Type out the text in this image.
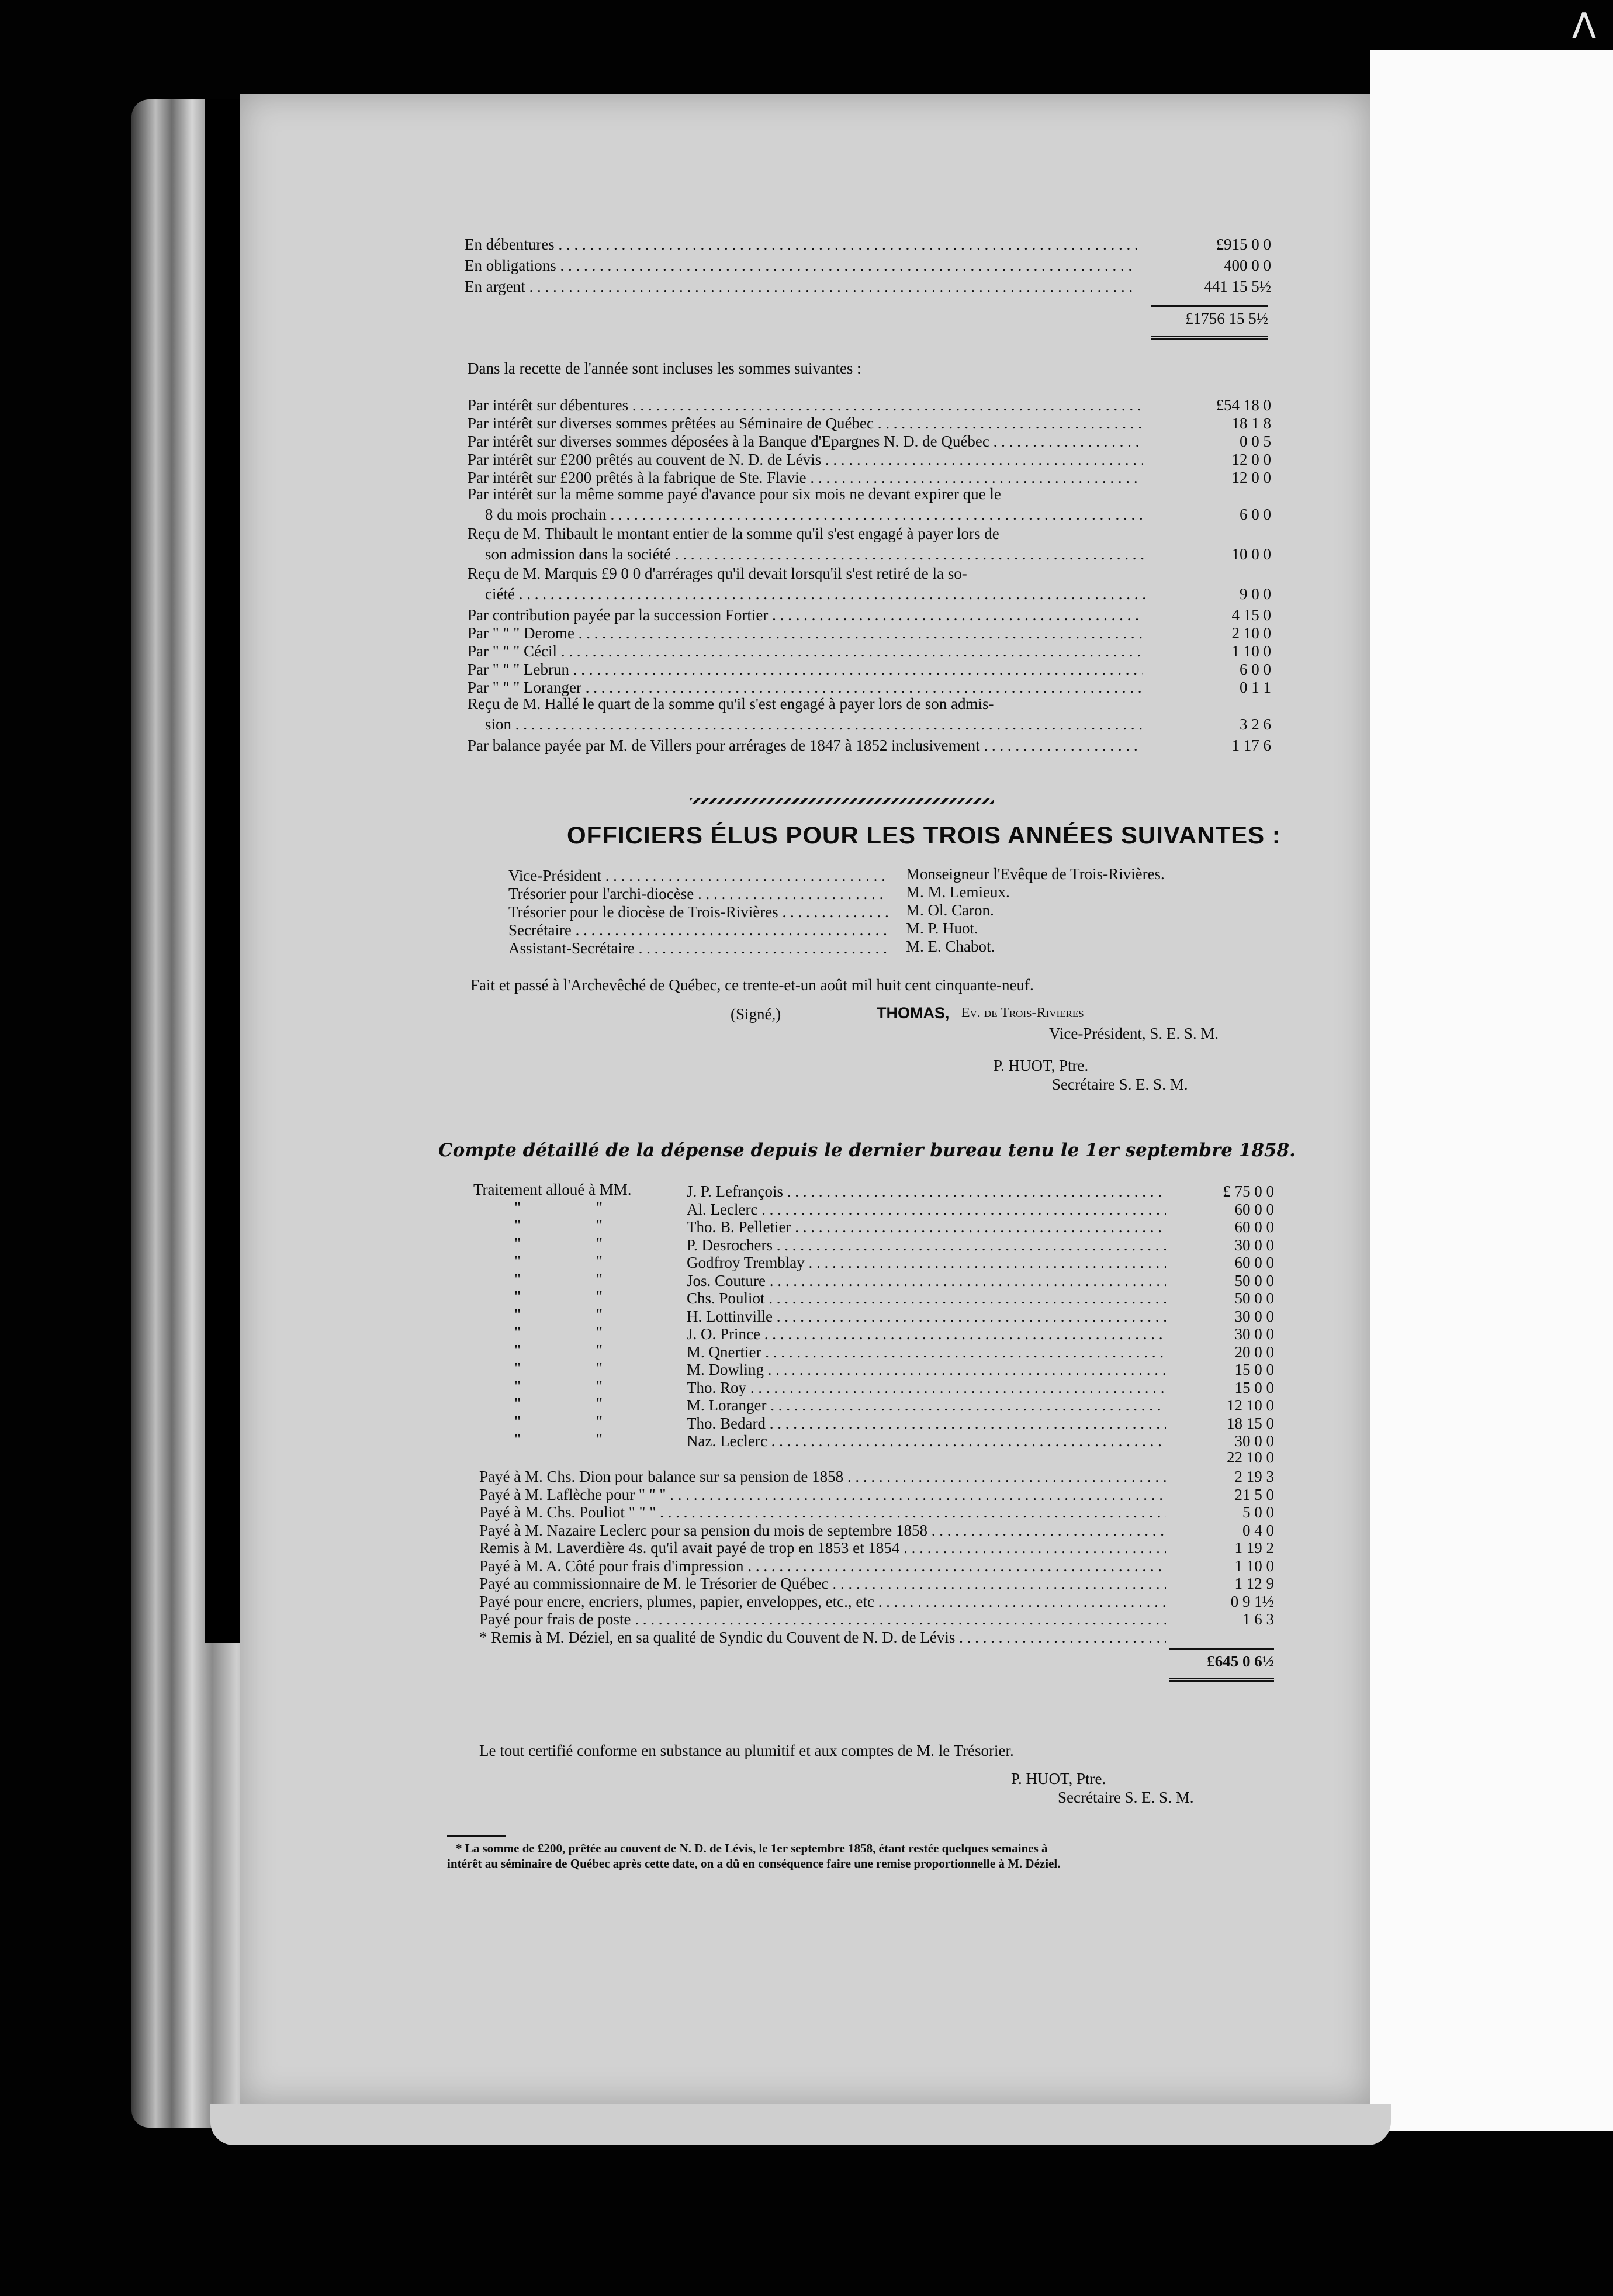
ⴷ
En débentures . . .	£915 0 0
En obligations . . .	400 0 0
En argent . . .	441 15 5½
£1756 15 5½
Dans la recette de l'année sont incluses les sommes suivantes :
Par intérêt sur débentures . . .	£54 18 0
Par intérêt sur diverses sommes prêtées au Séminaire de Québec . . .	18 1 8
Par intérêt sur diverses sommes déposées à la Banque d'Epargnes N. D. de Québec . . .	0 0 5
Par intérêt sur £200 prêtés au couvent de N. D. de Lévis . . .	12 0 0
Par intérêt sur £200 prêtés à la fabrique de Ste. Flavie . . .	12 0 0
Par intérêt sur la même somme payé d'avance pour six mois ne devant expirer que le
8 du mois prochain . . .	6 0 0
Reçu de M. Thibault le montant entier de la somme qu'il s'est engagé à payer lors de
son admission dans la société . . .	10 0 0
Reçu de M. Marquis £9 0 0 d'arrérages qu'il devait lorsqu'il s'est retiré de la so-
ciété . . .	9 0 0
Par contribution payée par la succession Fortier . . .	4 15 0
Par " " " Derome . . .	2 10 0
Par " " " Cécil . . .	1 10 0
Par " " " Lebrun . . .	6 0 0
Par " " " Loranger . . .	0 1 1
Reçu de M. Hallé le quart de la somme qu'il s'est engagé à payer lors de son admis-
sion . . .	3 2 6
Par balance payée par M. de Villers pour arrérages de 1847 à 1852 inclusivement . . .	1 17 6
OFFICIERS ÉLUS POUR LES TROIS ANNÉES SUIVANTES :
Vice-Président . . .	Monseigneur l'Evêque de Trois-Rivières.
Trésorier pour l'archi-diocèse . . .	M. M. Lemieux.
Trésorier pour le diocèse de Trois-Rivières . . .	M. Ol. Caron.
Secrétaire . . .	M. P. Huot.
Assistant-Secrétaire . . .	M. E. Chabot.
Fait et passé à l'Archevêché de Québec, ce trente-et-un août mil huit cent cinquante-neuf.
(Signé,)	THOMAS, Ev. de Trois-Rivieres
Vice-Président, S. E. S. M.
P. HUOT, Ptre.
Secrétaire S. E. S. M.
Compte détaillé de la dépense depuis le dernier bureau tenu le 1er septembre 1858.
Traitement alloué à MM.	J. P. Lefrançois . . .	£ 75 0 0
"	"	Al. Leclerc . . .	60 0 0
"	"	Tho. B. Pelletier . . .	60 0 0
"	"	P. Desrochers . . .	30 0 0
"	"	Godfroy Tremblay . . .	60 0 0
"	"	Jos. Couture . . .	50 0 0
"	"	Chs. Pouliot . . .	50 0 0
"	"	H. Lottinville . . .	30 0 0
"	"	J. O. Prince . . .	30 0 0
"	"	M. Qnertier . . .	20 0 0
"	"	M. Dowling . . .	15 0 0
"	"	Tho. Roy . . .	15 0 0
"	"	M. Loranger . . .	12 10 0
"	"	Tho. Bedard . . .	18 15 0
"	"	Naz. Leclerc . . .	30 0 0
22 10 0
Payé à M. Chs. Dion pour balance sur sa pension de 1858 . . .	2 19 3
Payé à M. Laflèche pour " " " . . .	21 5 0
Payé à M. Chs. Pouliot " " " . . .	5 0 0
Payé à M. Nazaire Leclerc pour sa pension du mois de septembre 1858 . . .	0 4 0
Remis à M. Laverdière 4s. qu'il avait payé de trop en 1853 et 1854 . . .	1 19 2
Payé à M. A. Côté pour frais d'impression . . .	1 10 0
Payé au commissionnaire de M. le Trésorier de Québec . . .	1 12 9
Payé pour encre, encriers, plumes, papier, enveloppes, etc., etc . . .	0 9 1½
Payé pour frais de poste . . .	1 6 3
* Remis à M. Déziel, en sa qualité de Syndic du Couvent de N. D. de Lévis . . .
£645 0 6½
Le tout certifié conforme en substance au plumitif et aux comptes de M. le Trésorier.
P. HUOT, Ptre.
Secrétaire S. E. S. M.
* La somme de £200, prêtée au couvent de N. D. de Lévis, le 1er septembre 1858, étant restée quelques semaines à
intérêt au séminaire de Québec après cette date, on a dû en conséquence faire une remise proportionnelle à M. Déziel.
